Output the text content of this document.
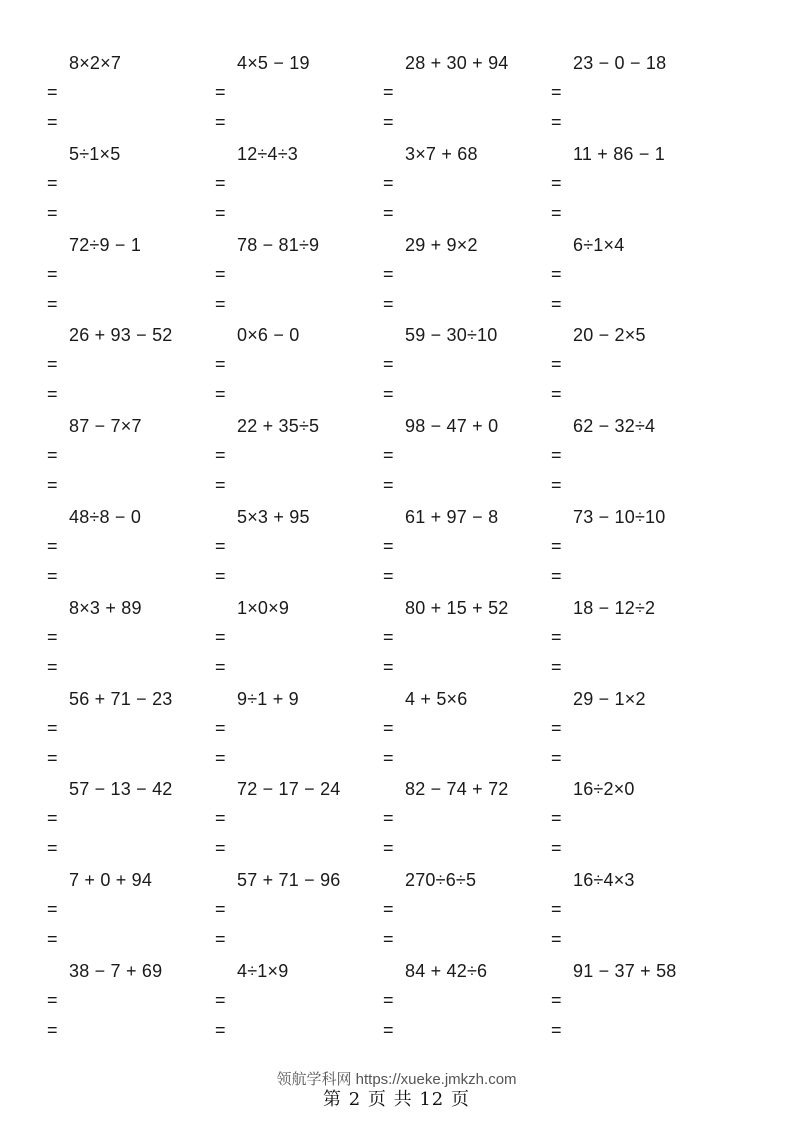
8×2×7
=
=
4×5 − 19
=
=
28 + 30 + 94
=
=
23 − 0 − 18
=
=
5÷1×5
=
=
12÷4÷3
=
=
3×7 + 68
=
=
11 + 86 − 1
=
=
72÷9 − 1
=
=
78 − 81÷9
=
=
29 + 9×2
=
=
6÷1×4
=
=
26 + 93 − 52
=
=
0×6 − 0
=
=
59 − 30÷10
=
=
20 − 2×5
=
=
87 − 7×7
=
=
22 + 35÷5
=
=
98 − 47 + 0
=
=
62 − 32÷4
=
=
48÷8 − 0
=
=
5×3 + 95
=
=
61 + 97 − 8
=
=
73 − 10÷10
=
=
8×3 + 89
=
=
1×0×9
=
=
80 + 15 + 52
=
=
18 − 12÷2
=
=
56 + 71 − 23
=
=
9÷1 + 9
=
=
4 + 5×6
=
=
29 − 1×2
=
=
57 − 13 − 42
=
=
72 − 17 − 24
=
=
82 − 74 + 72
=
=
16÷2×0
=
=
7 + 0 + 94
=
=
57 + 71 − 96
=
=
270÷6÷5
=
=
16÷4×3
=
=
38 − 7 + 69
=
=
4÷1×9
=
=
84 + 42÷6
=
=
91 − 37 + 58
=
=
领航学科网 https://xueke.jmkzh.com
第 2 页 共 12 页
